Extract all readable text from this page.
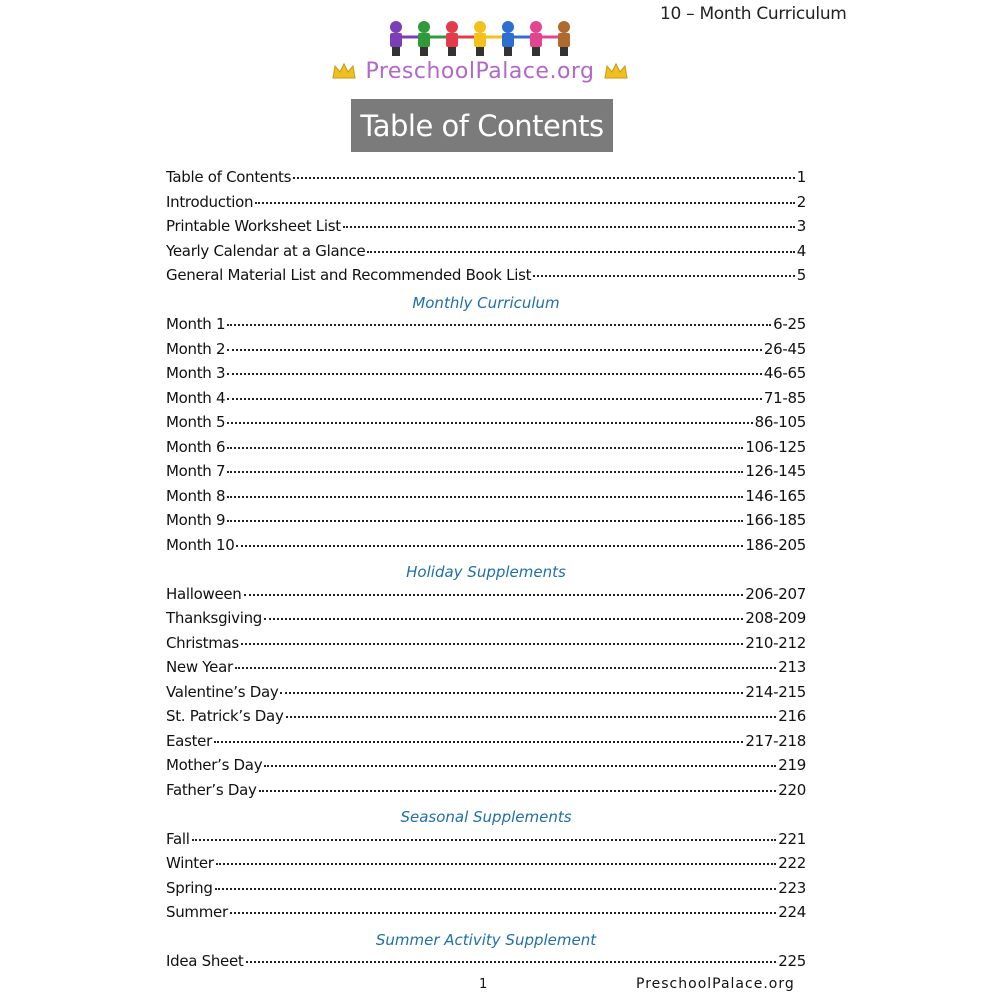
10 – Month Curriculum
PreschoolPalace.org
Table of Contents
Table of Contents	1
Introduction	2
Printable Worksheet List	3
Yearly Calendar at a Glance	4
General Material List and Recommended Book List	5
Monthly Curriculum
Month 1	6-25
Month 2	26-45
Month 3	46-65
Month 4	71-85
Month 5	86-105
Month 6	106-125
Month 7	126-145
Month 8	146-165
Month 9	166-185
Month 10	186-205
Holiday Supplements
Halloween	206-207
Thanksgiving	208-209
Christmas	210-212
New Year	213
Valentine’s Day	214-215
St. Patrick’s Day	216
Easter	217-218
Mother’s Day	219
Father’s Day	220
Seasonal Supplements
Fall	221
Winter	222
Spring	223
Summer	224
Summer Activity Supplement
Idea Sheet	225
1	PreschoolPalace.org
